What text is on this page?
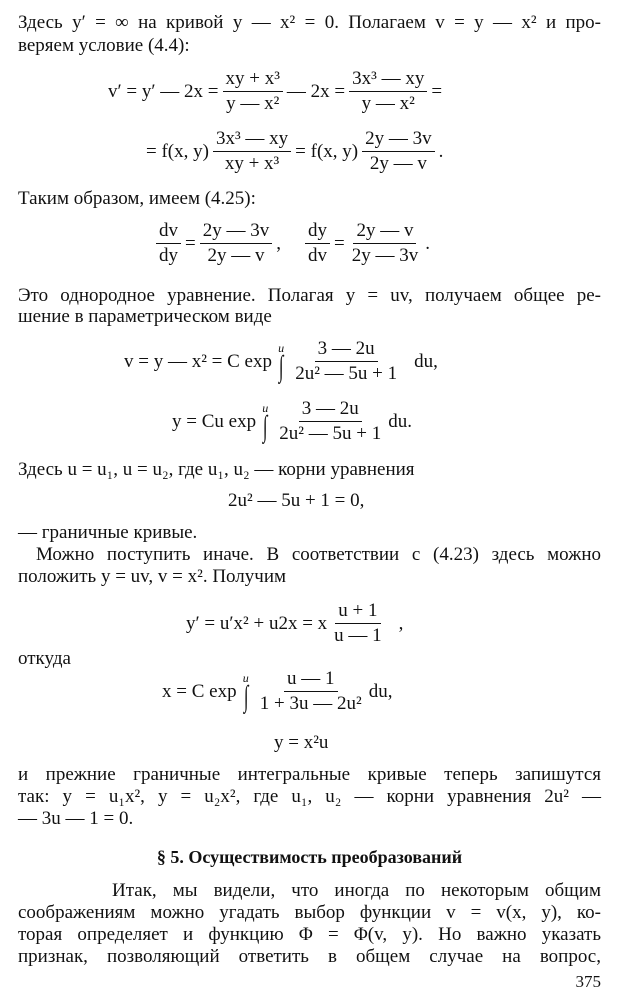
Здесь y′ = ∞ на кривой y — x² = 0. Полагаем v = y — x² и про-
веряем условие (4.4):
v′ = y′ — $2x = \frac{\text{xy + x³}}{\text{y — x²}}$ — $2x = \frac{\text{3x³ — xy}}{\text{y — x²}}$ =
= f(x, $y) \frac{\text{3x³ — xy}}{\text{xy + x³}} = f(x$, $y) \frac{2y — 3v}{2y — v}$ .
Таким образом, имеем (4.25):
$\frac{dv}{dy} = \frac{2y — 3v}{2y — v}$ , $\frac{dy}{dv} = \frac{2y — v}{2y — 3v}$ .
Это однородное уравнение. Полагая y = uv, получаем общее ре-
шение в параметрическом виде
v = y — x² = C exp
u
∫ $\frac{3 — 2u}{\text{2u² — 5u + 1}}$ du,
y = Cu exp
u
∫ $\frac{3 — 2u}{\text{2u² — 5u + 1}}$ du.
Здесь u = u₁, u = u₂, где u₁, u₂ — корни уравнения
2u² — 5u + 1 = 0,
— граничные кривые.
Можно поступить иначе. В соответствии с (4.23) здесь можно
положить y = uv, v = x². Получим
y′ = u′x² + u2x = x $\frac{u + 1}{u — 1}$ ,
откуда
x = C exp
u
∫ $\frac{u — 1}{\text{1 + 3u — 2u²}}$ du,
y = x²u
и прежние граничные интегральные кривые теперь запишутся
так: y = u₁x², y = u₂x², где u₁, u₂ — корни уравнения 2u² —
— 3u — 1 = 0.
§ 5. Осуществимость преобразований
Итак, мы видели, что иногда по некоторым общим
соображениям можно угадать выбор функции v = v(x, y), ко-
торая определяет и функцию Φ = Φ(v, y). Но важно указать
признак, позволяющий ответить в общем случае на вопрос,
375
